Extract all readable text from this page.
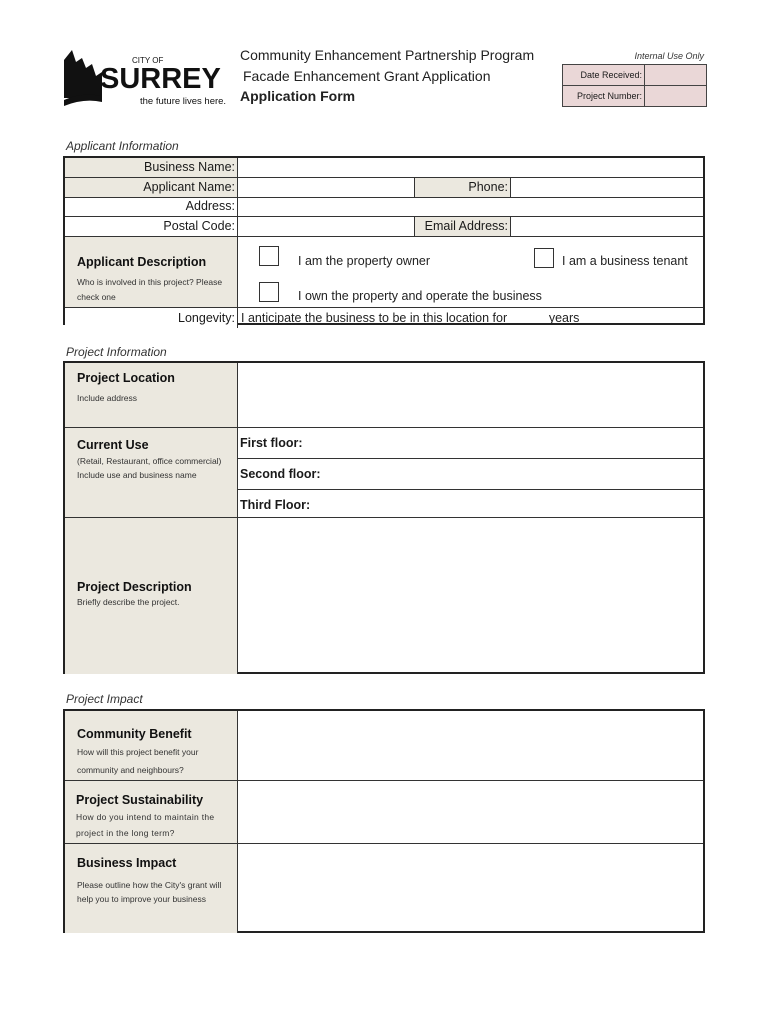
CITY OF
SURREY
the future lives here.
Community Enhancement Partnership Program
Facade Enhancement Grant Application
Application Form
Internal Use Only
Date Received:
Project Number:
Applicant Information
Business Name:
Applicant Name:	Phone:
Address:
Postal Code:	Email Address:
Applicant Description
Who is involved in this project? Please check one
I am the property owner	I am a business tenant
I own the property and operate the business
Longevity: I anticipate the business to be in this location for _____ years
Project Information
Project Location
Include address
Current Use
(Retail, Restaurant, office commercial)
Include use and business name
First floor:
Second floor:
Third Floor:
Project Description
Briefly describe the project.
Project Impact
Community Benefit
How will this project benefit your community and neighbours?
Project Sustainability
How do you intend to maintain the project in the long term?
Business Impact
Please outline how the City's grant will help you to improve your business
